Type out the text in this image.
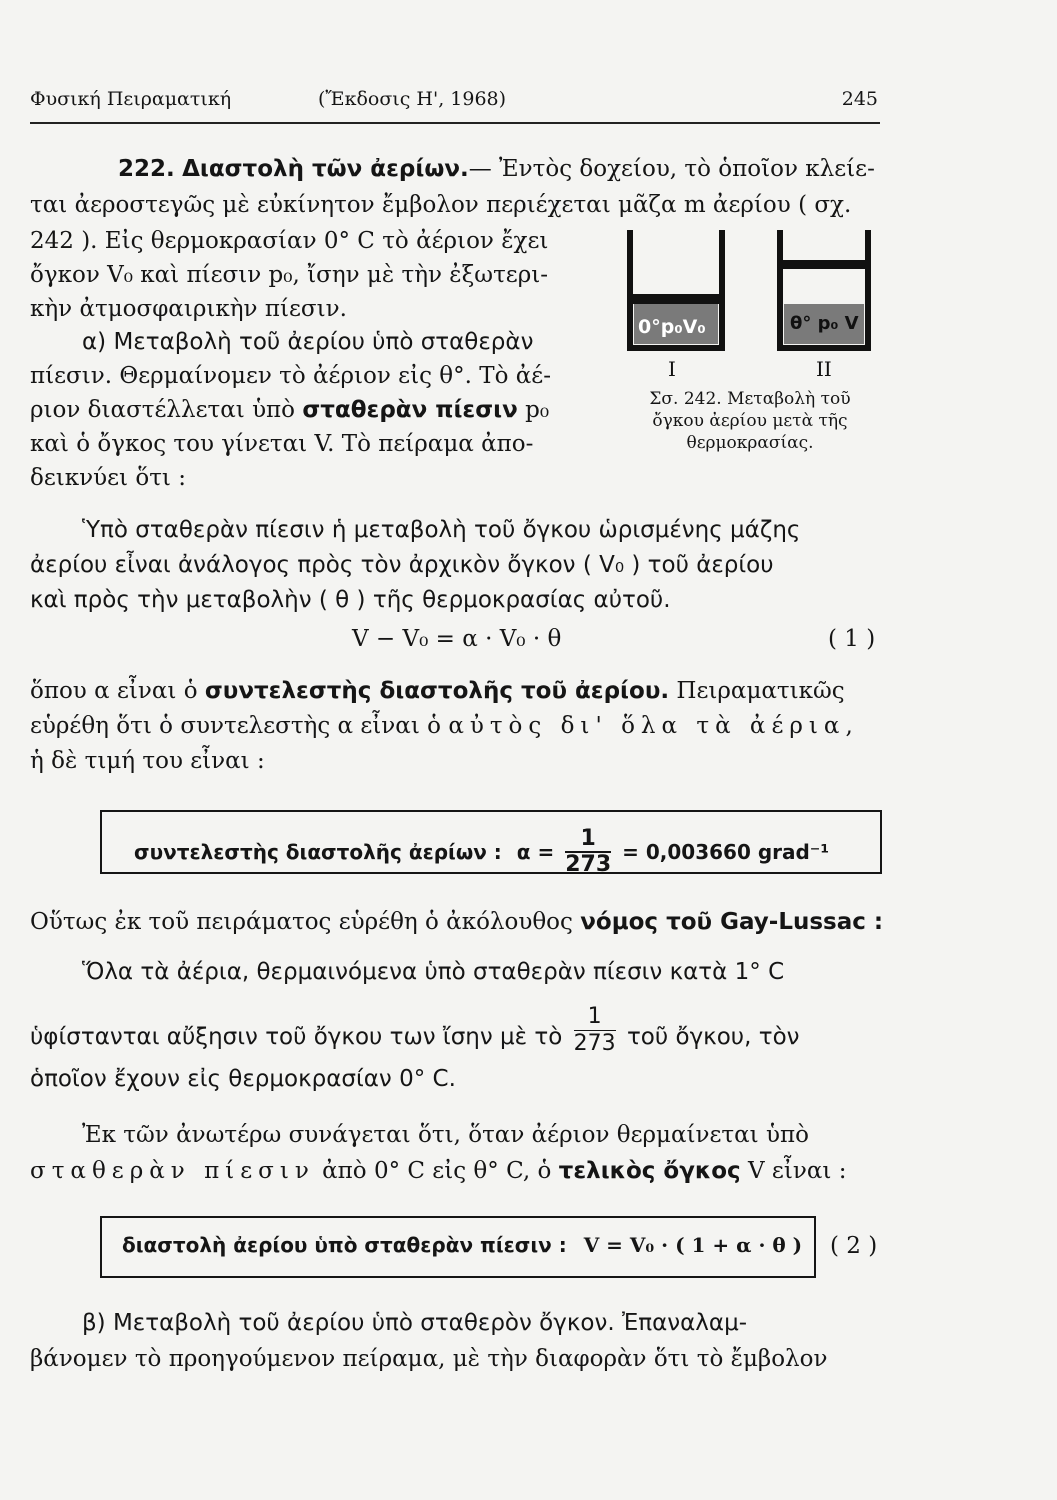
Φυσική Πειραματική	(Ἔκδοσις Η', 1968)	245

222. Διαστολὴ τῶν ἀερίων.— Ἐντὸς δοχείου, τὸ ὁποῖον κλείε-

ται ἀεροστεγῶς μὲ εὐκίνητον ἔμβολον περιέχεται μᾶζα m ἀερίου ( σχ.

242 ). Εἰς θερμοκρασίαν 0° C τὸ ἀέριον ἔχει

ὄγκον V₀ καὶ πίεσιν p₀, ἴσην μὲ τὴν ἐξωτερι-

κὴν ἀτμοσφαιρικὴν πίεσιν.

α) Μεταβολὴ τοῦ ἀερίου ὑπὸ σταθερὰν

πίεσιν. Θερμαίνομεν τὸ ἀέριον εἰς θ°. Τὸ ἀέ-

ριον διαστέλλεται ὑπὸ σταθερὰν πίεσιν p₀

καὶ ὁ ὄγκος του γίνεται V. Τὸ πείραμα ἀπο-

δεικνύει ὅτι :

0°p₀V₀	θ° p₀ V
I	II
Σσ. 242. Μεταβολὴ τοῦ
ὄγκου ἀερίου μετὰ τῆς
θερμοκρασίας.

Ὑπὸ σταθερὰν πίεσιν ἡ μεταβολὴ τοῦ ὄγκου ὡρισμένης μάζης

ἀερίου εἶναι ἀνάλογος πρὸς τὸν ἀρχικὸν ὄγκον ( V₀ ) τοῦ ἀερίου

καὶ πρὸς τὴν μεταβολὴν ( θ ) τῆς θερμοκρασίας αὐτοῦ.

V − V₀ = α · V₀ · θ	( 1 )

ὅπου α εἶναι ὁ συντελεστὴς διαστολῆς τοῦ ἀερίου. Πειραματικῶς

εὑρέθη ὅτι ὁ συντελεστὴς α εἶναι ὁ αὐτὸς δι' ὅλα τὰ ἀέρια,

ἡ δὲ τιμή του εἶναι :

συντελεστὴς διαστολῆς ἀερίων : $\alpha = \frac{1}{273} = 0,003660$ grad⁻¹

Οὕτως ἐκ τοῦ πειράματος εὑρέθη ὁ ἀκόλουθος νόμος τοῦ Gay-Lussac :

Ὅλα τὰ ἀέρια, θερμαινόμενα ὑπὸ σταθερὰν πίεσιν κατὰ 1° C

ὑφίστανται αὔξησιν τοῦ ὄγκου των ἴσην μὲ τὸ $\frac{1}{273}$ τοῦ ὄγκου, τὸν

ὁποῖον ἔχουν εἰς θερμοκρασίαν 0° C.

Ἐκ τῶν ἀνωτέρω συνάγεται ὅτι, ὅταν ἀέριον θερμαίνεται ὑπὸ

σταθερὰν πίεσιν ἀπὸ 0° C εἰς θ° C, ὁ τελικὸς ὄγκος V εἶναι :

διαστολὴ ἀερίου ὑπὸ σταθερὰν πίεσιν : V = V₀ · ( 1 + α · θ ) ( 2 )

β) Μεταβολὴ τοῦ ἀερίου ὑπὸ σταθερὸν ὄγκον. Ἐπαναλαμ-

βάνομεν τὸ προηγούμενον πείραμα, μὲ τὴν διαφορὰν ὅτι τὸ ἔμβολον
